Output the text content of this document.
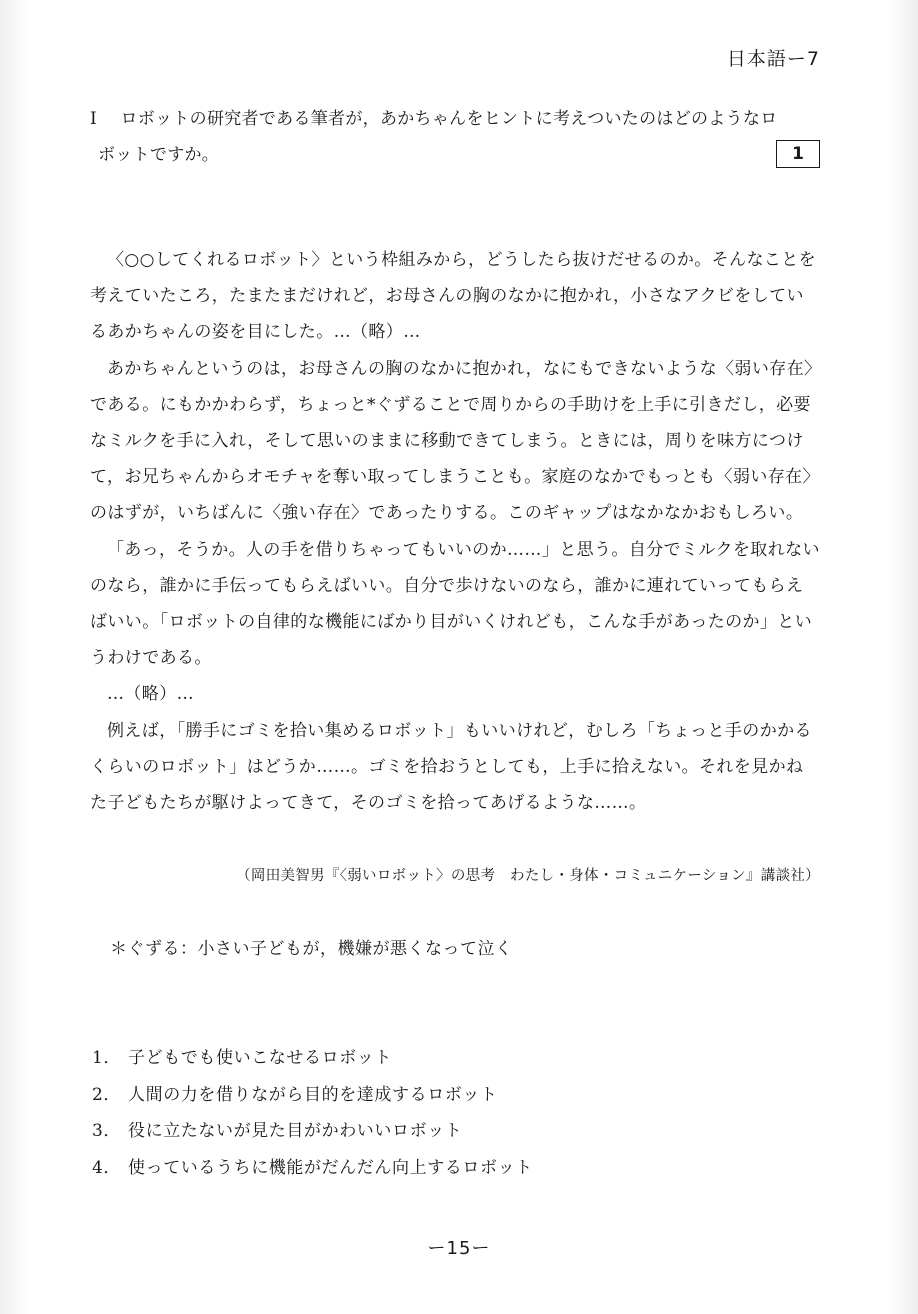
日本語ー7
I ロボットの研究者である筆者が，あかちゃんをヒントに考えついたのはどのようなロ
ボットですか。	1

〈○○してくれるロボット〉という枠組みから，どうしたら抜けだせるのか。そんなことを考えていたころ，たまたまだけれど，お母さんの胸のなかに抱かれ，小さなアクビをしているあかちゃんの姿を目にした。…（略）…

あかちゃんというのは，お母さんの胸のなかに抱かれ，なにもできないような〈弱い存在〉である。にもかかわらず，ちょっと*ぐずることで周りからの手助けを上手に引きだし，必要なミルクを手に入れ，そして思いのままに移動できてしまう。ときには，周りを味方につけて，お兄ちゃんからオモチャを奪い取ってしまうことも。家庭のなかでもっとも〈弱い存在〉のはずが，いちばんに〈強い存在〉であったりする。このギャップはなかなかおもしろい。

「あっ，そうか。人の手を借りちゃってもいいのか……」と思う。自分でミルクを取れないのなら，誰かに手伝ってもらえばいい。自分で歩けないのなら，誰かに連れていってもらえばいい。「ロボットの自律的な機能にばかり目がいくけれども，こんな手があったのか」というわけである。

…（略）…

例えば，「勝手にゴミを拾い集めるロボット」もいいけれど，むしろ「ちょっと手のかかるくらいのロボット」はどうか……。ゴミを拾おうとしても，上手に拾えない。それを見かねた子どもたちが駆けよってきて，そのゴミを拾ってあげるような……。

（岡田美智男『〈弱いロボット〉の思考　わたし・身体・コミュニケーション』講談社）
＊ぐずる：小さい子どもが，機嫌が悪くなって泣く
1． 子どもでも使いこなせるロボット
2． 人間の力を借りながら目的を達成するロボット
3． 役に立たないが見た目がかわいいロボット
4． 使っているうちに機能がだんだん向上するロボット
ー15ー
